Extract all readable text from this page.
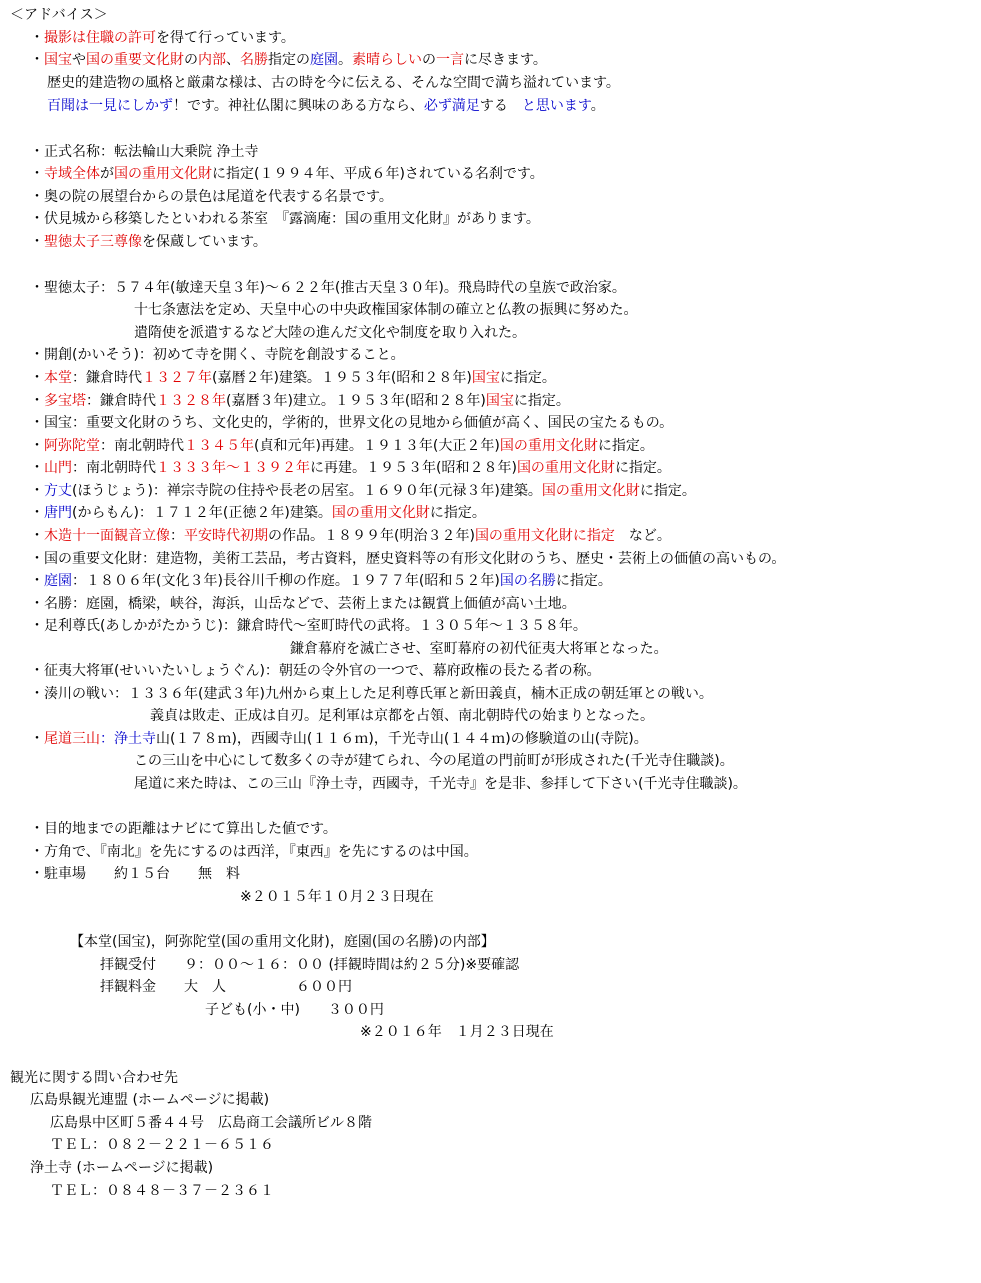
＜アドバイス＞
・撮影は住職の許可を得て行っています。
・国宝や国の重要文化財の内部、名勝指定の庭園。素晴らしいの一言に尽きます。
歴史的建造物の風格と厳粛な様は、古の時を今に伝える、そんな空間で満ち溢れています。
百聞は一見にしかず！です。神社仏閣に興味のある方なら、必ず満足する　と思います。
・正式名称：転法輪山大乗院 浄土寺
・寺域全体が国の重用文化財に指定(１９９４年、平成６年)されている名刹です。
・奥の院の展望台からの景色は尾道を代表する名景です。
・伏見城から移築したといわれる茶室　『露滴庵：国の重用文化財』があります。
・聖徳太子三尊像を保蔵しています。
・聖徳太子：５７４年(敏達天皇３年)～６２２年(推古天皇３０年)。飛鳥時代の皇族で政治家。
十七条憲法を定め、天皇中心の中央政権国家体制の確立と仏教の振興に努めた。
遣隋使を派遣するなど大陸の進んだ文化や制度を取り入れた。
・開創(かいそう)：初めて寺を開く、寺院を創設すること。
・本堂：鎌倉時代１３２７年(嘉暦２年)建築。１９５３年(昭和２８年)国宝に指定。
・多宝塔：鎌倉時代１３２８年(嘉暦３年)建立。１９５３年(昭和２８年)国宝に指定。
・国宝：重要文化財のうち、文化史的，学術的，世界文化の見地から価値が高く、国民の宝たるもの。
・阿弥陀堂：南北朝時代１３４５年(貞和元年)再建。１９１３年(大正２年)国の重用文化財に指定。
・山門：南北朝時代１３３３年～１３９２年に再建。１９５３年(昭和２８年)国の重用文化財に指定。
・方丈(ほうじょう)：禅宗寺院の住持や長老の居室。１６９０年(元禄３年)建築。国の重用文化財に指定。
・唐門(からもん)：１７１２年(正徳２年)建築。国の重用文化財に指定。
・木造十一面観音立像：平安時代初期の作品。１８９９年(明治３２年)国の重用文化財に指定　など。
・国の重要文化財：建造物，美術工芸品，考古資料，歴史資料等の有形文化財のうち、歴史・芸術上の価値の高いもの。
・庭園：１８０６年(文化３年)長谷川千柳の作庭。１９７７年(昭和５２年)国の名勝に指定。
・名勝：庭園，橋梁，峡谷，海浜，山岳などで、芸術上または観賞上価値が高い土地。
・足利尊氏(あしかがたかうじ)：鎌倉時代～室町時代の武将。１３０５年～１３５８年。
鎌倉幕府を滅亡させ、室町幕府の初代征夷大将軍となった。
・征夷大将軍(せいいたいしょうぐん)：朝廷の令外官の一つで、幕府政権の長たる者の称。
・湊川の戦い：１３３６年(建武３年)九州から東上した足利尊氏軍と新田義貞，楠木正成の朝廷軍との戦い。
義貞は敗走、正成は自刃。足利軍は京都を占領、南北朝時代の始まりとなった。
・尾道三山：浄土寺山(１７８ｍ)，西國寺山(１１６ｍ)，千光寺山(１４４ｍ)の修験道の山(寺院)。
この三山を中心にして数多くの寺が建てられ、今の尾道の門前町が形成された(千光寺住職談)。
尾道に来た時は、この三山『浄土寺，西國寺，千光寺』を是非、参拝して下さい(千光寺住職談)。
・目的地までの距離はナビにて算出した値です。
・方角で、『南北』を先にするのは西洋，『東西』を先にするのは中国。
・駐車場　　約１５台　　無　料
※２０１５年１０月２３日現在
【本堂(国宝)，阿弥陀堂(国の重用文化財)，庭園(国の名勝)の内部】
拝観受付　　９：００～１６：００ (拝観時間は約２５分)※要確認
拝観料金　　大　人　　　　　６００円
子ども(小・中)　　３００円
※２０１６年　１月２３日現在
観光に関する問い合わせ先
広島県観光連盟 (ホームページに掲載)
広島県中区町５番４４号　広島商工会議所ビル８階
ＴＥＬ：０８２－２２１－６５１６
浄土寺 (ホームページに掲載)
ＴＥＬ：０８４８－３７－２３６１
